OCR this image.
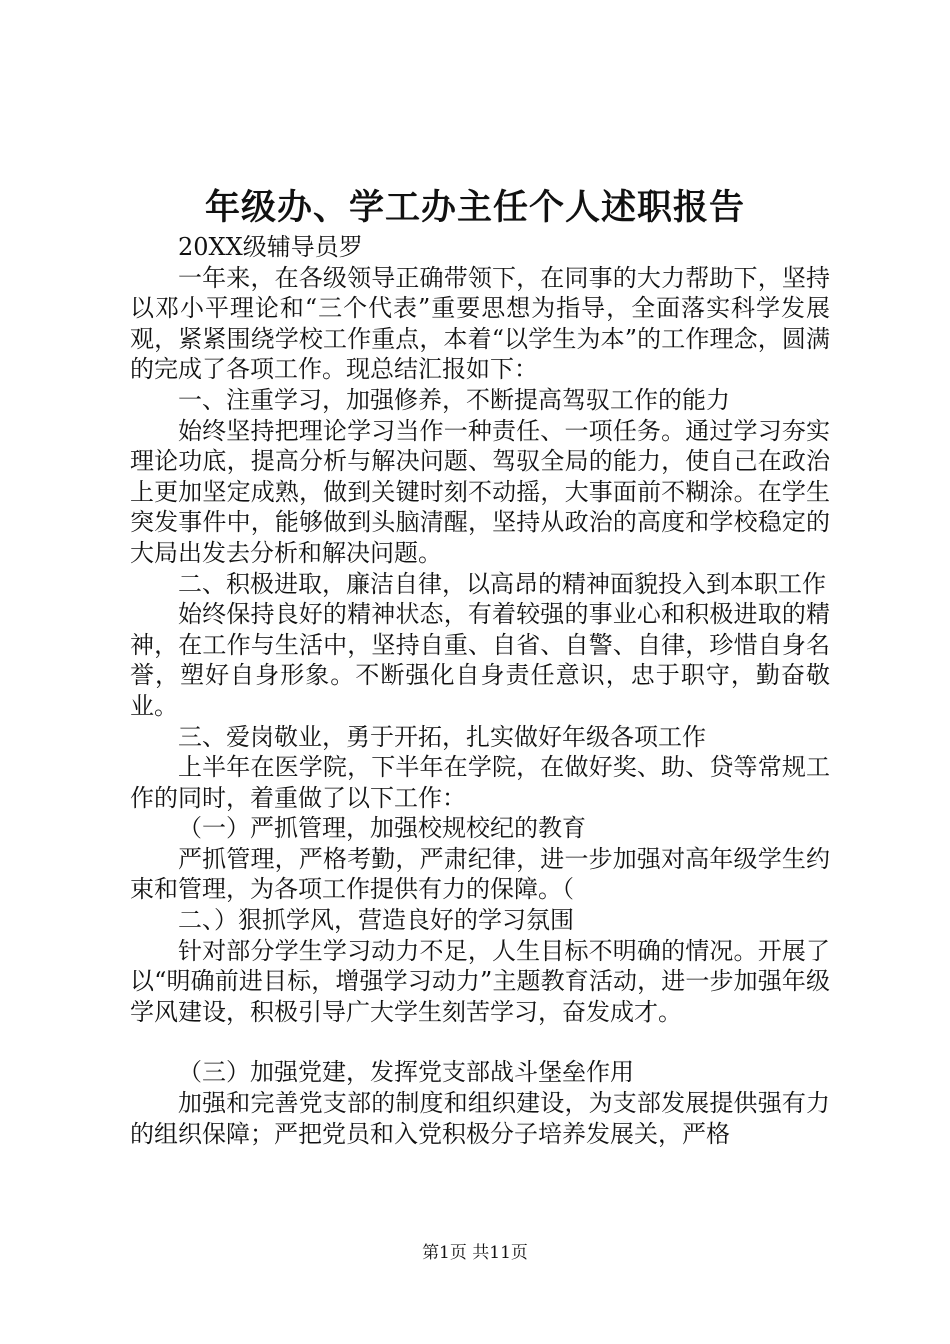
年级办、学工办主任个人述职报告

20XX级辅导员罗

一年来，在各级领导正确带领下，在同事的大力帮助下，坚持以邓小平理论和“三个代表”重要思想为指导，全面落实科学发展观，紧紧围绕学校工作重点，本着“以学生为本”的工作理念，圆满的完成了各项工作。现总结汇报如下：

一、注重学习，加强修养，不断提高驾驭工作的能力

始终坚持把理论学习当作一种责任、一项任务。通过学习夯实理论功底，提高分析与解决问题、驾驭全局的能力，使自己在政治上更加坚定成熟，做到关键时刻不动摇，大事面前不糊涂。在学生突发事件中，能够做到头脑清醒，坚持从政治的高度和学校稳定的大局出发去分析和解决问题。

二、积极进取，廉洁自律，以高昂的精神面貌投入到本职工作

始终保持良好的精神状态，有着较强的事业心和积极进取的精神，在工作与生活中，坚持自重、自省、自警、自律，珍惜自身名誉，塑好自身形象。不断强化自身责任意识，忠于职守，勤奋敬业。

三、爱岗敬业，勇于开拓，扎实做好年级各项工作

上半年在医学院，下半年在学院，在做好奖、助、贷等常规工作的同时，着重做了以下工作：

（一）严抓管理，加强校规校纪的教育

严抓管理，严格考勤，严肃纪律，进一步加强对高年级学生约束和管理，为各项工作提供有力的保障。（

二、）狠抓学风，营造良好的学习氛围

针对部分学生学习动力不足，人生目标不明确的情况。开展了以“明确前进目标，增强学习动力”主题教育活动，进一步加强年级学风建设，积极引导广大学生刻苦学习，奋发成才。

（三）加强党建，发挥党支部战斗堡垒作用

加强和完善党支部的制度和组织建设，为支部发展提供强有力的组织保障；严把党员和入党积极分子培养发展关，严格

第1页 共11页
